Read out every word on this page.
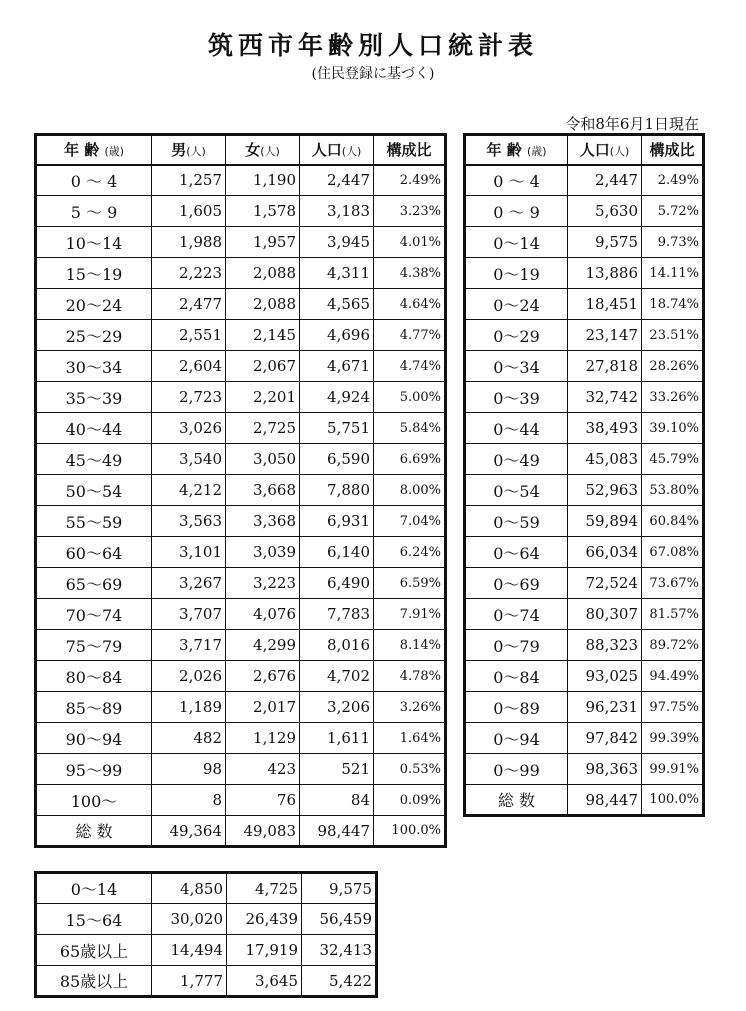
筑西市年齢別人口統計表
(住民登録に基づく)
令和8年6月1日現在
年 齢 (歳)	男(人)	女(人)	人口(人)	構成比
0 ～ 4	1,257	1,190	2,447	2.49%
5 ～ 9	1,605	1,578	3,183	3.23%
10～14	1,988	1,957	3,945	4.01%
15～19	2,223	2,088	4,311	4.38%
20～24	2,477	2,088	4,565	4.64%
25～29	2,551	2,145	4,696	4.77%
30～34	2,604	2,067	4,671	4.74%
35～39	2,723	2,201	4,924	5.00%
40～44	3,026	2,725	5,751	5.84%
45～49	3,540	3,050	6,590	6.69%
50～54	4,212	3,668	7,880	8.00%
55～59	3,563	3,368	6,931	7.04%
60～64	3,101	3,039	6,140	6.24%
65～69	3,267	3,223	6,490	6.59%
70～74	3,707	4,076	7,783	7.91%
75～79	3,717	4,299	8,016	8.14%
80～84	2,026	2,676	4,702	4.78%
85～89	1,189	2,017	3,206	3.26%
90～94	482	1,129	1,611	1.64%
95～99	98	423	521	0.53%
100～	8	76	84	0.09%
総 数	49,364	49,083	98,447	100.0%
年 齢 (歳)	人口(人)	構成比
0 ～ 4	2,447	2.49%
0 ～ 9	5,630	5.72%
0～14	9,575	9.73%
0～19	13,886	14.11%
0～24	18,451	18.74%
0～29	23,147	23.51%
0～34	27,818	28.26%
0～39	32,742	33.26%
0～44	38,493	39.10%
0～49	45,083	45.79%
0～54	52,963	53.80%
0～59	59,894	60.84%
0～64	66,034	67.08%
0～69	72,524	73.67%
0～74	80,307	81.57%
0～79	88,323	89.72%
0～84	93,025	94.49%
0～89	96,231	97.75%
0～94	97,842	99.39%
0～99	98,363	99.91%
総 数	98,447	100.0%
0～14	4,850	4,725	9,575
15～64	30,020	26,439	56,459
65歳以上	14,494	17,919	32,413
85歳以上	1,777	3,645	5,422
